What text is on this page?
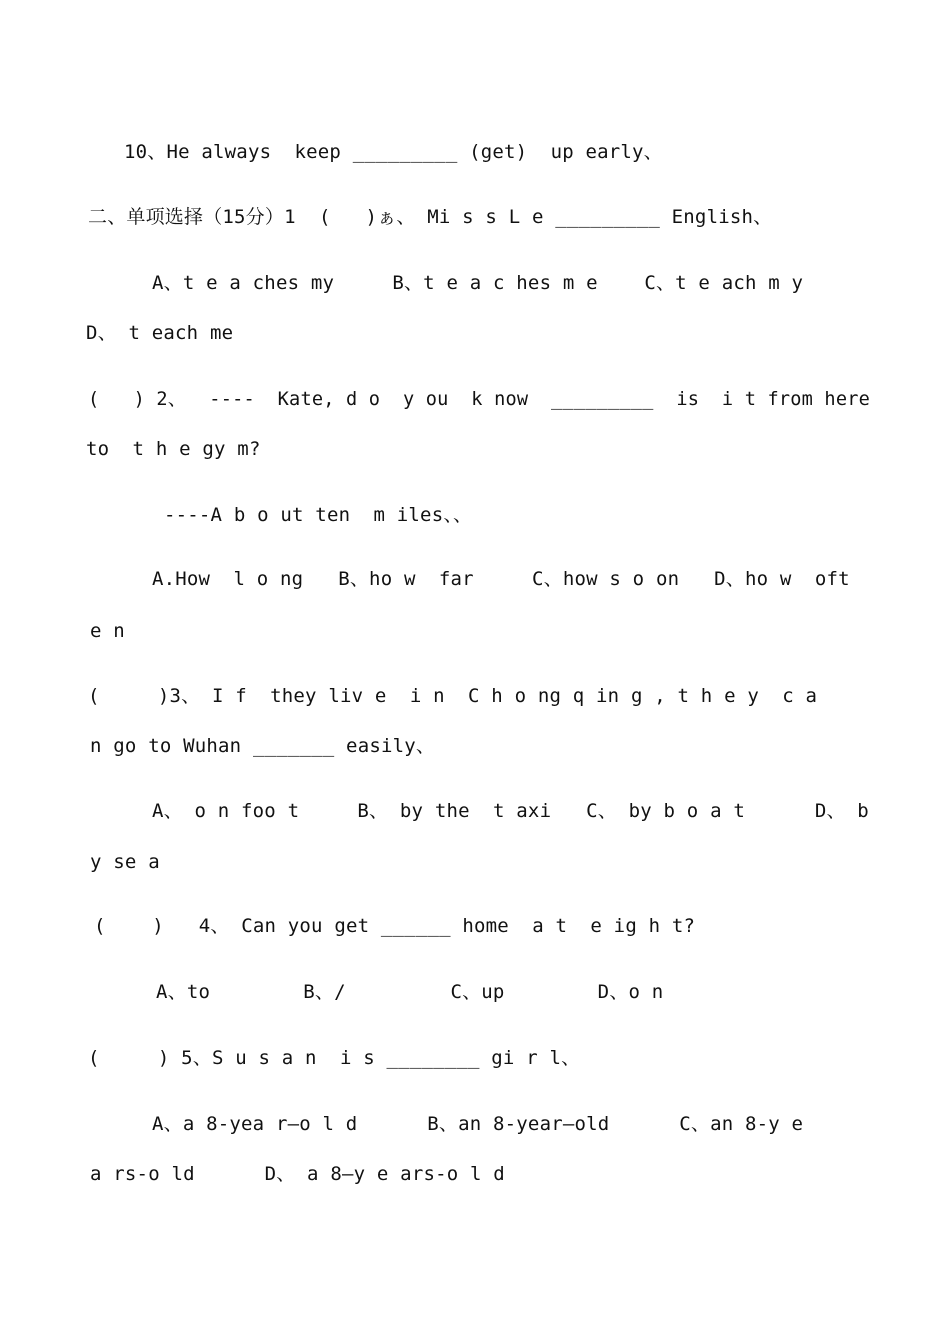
10、He always  keep _________ (get)  up early、
二、单项选择（15分）1  (   )ぁ、 Mi s s L e _________ English、
A、t e a ches my     B、t e a c hes m e    C、t e ach m y
D、 t each me
(   ) 2、  ----  Kate, d o  y ou  k now  _________  is  i t from here
to  t h e gy m?
----A b o ut ten  m iles、、
A.How  l o ng   B、ho w  far     C、how s o on   D、ho w  oft
e n
(     )3、 I f  they liv e  i n  C h o ng q in g , t h e y  c a
n go to Wuhan _______ easily、
A、 o n foo t     B、 by the  t axi   C、 by b o a t      D、 b
y se a
(    )   4、 Can you get ______ home  a t  e ig h t?
A、to        B、/         C、up        D、o n
(     ) 5、S u s a n  i s ________ gi r l、
A、a 8-yea r—o l d      B、an 8-year—old      C、an 8-y e
a rs-o ld      D、 a 8—y e ars-o l d
